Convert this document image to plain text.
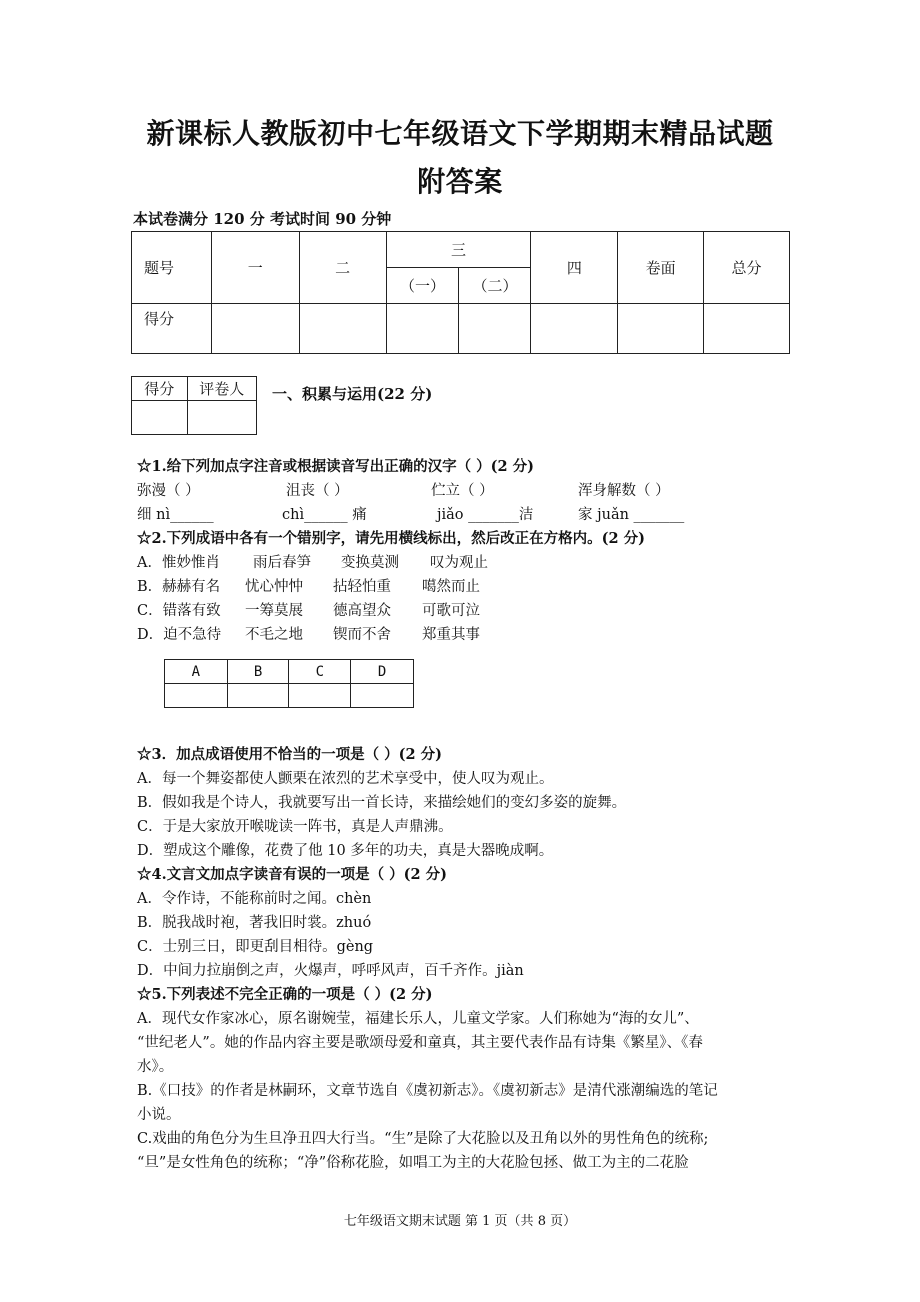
新课标人教版初中七年级语文下学期期末精品试题
附答案
本试卷满分 120 分 考试时间 90 分钟
题号	一	二	三		四	卷面	总分
			（一）	（二）			
得分							
得分	评卷人
	一、积累与运用(22 分)
☆1.给下列加点字注音或根据读音写出正确的汉字（ ）(2 分)
弥漫（ ）	沮丧（ ）	伫立（ ）	浑身解数（ ）
细 nì______	chì______ 痛	jiǎo _______洁	家 juǎn _______
☆2.下列成语中各有一个错别字，请先用横线标出，然后改正在方格内。(2 分)
A．惟妙惟肖 雨后春笋 变换莫测 叹为观止
B．赫赫有名 忧心忡忡 拈轻怕重 噶然而止
C．错落有致 一筹莫展 德高望众 可歌可泣
D．迫不急待 不毛之地 锲而不舍 郑重其事
A	B	C	D

☆3．加点成语使用不恰当的一项是（ ）(2 分)
A．每一个舞姿都使人颤栗在浓烈的艺术享受中，使人叹为观止。
B．假如我是个诗人，我就要写出一首长诗，来描绘她们的变幻多姿的旋舞。
C．于是大家放开喉咙读一阵书，真是人声鼎沸。
D．塑成这个雕像，花费了他 10 多年的功夫，真是大器晚成啊。
☆4.文言文加点字读音有误的一项是（ ）(2 分)
A．令作诗，不能称前时之闻。chèn
B．脱我战时袍，著我旧时裳。zhuó
C．士别三日，即更刮目相待。gèng
D．中间力拉崩倒之声，火爆声，呼呼风声，百千齐作。jiàn
☆5.下列表述不完全正确的一项是（ ）(2 分)
A．现代女作家冰心，原名谢婉莹，福建长乐人，儿童文学家。人们称她为“海的女儿”、
“世纪老人”。她的作品内容主要是歌颂母爱和童真，其主要代表作品有诗集《繁星》、《春
水》。
B.《口技》的作者是林嗣环，文章节选自《虞初新志》。《虞初新志》是清代涨潮编选的笔记
小说。
C.戏曲的角色分为生旦净丑四大行当。“生”是除了大花脸以及丑角以外的男性角色的统称;
“旦”是女性角色的统称；“净”俗称花脸，如唱工为主的大花脸包拯、做工为主的二花脸
七年级语文期末试题 第 1 页（共 8 页）
